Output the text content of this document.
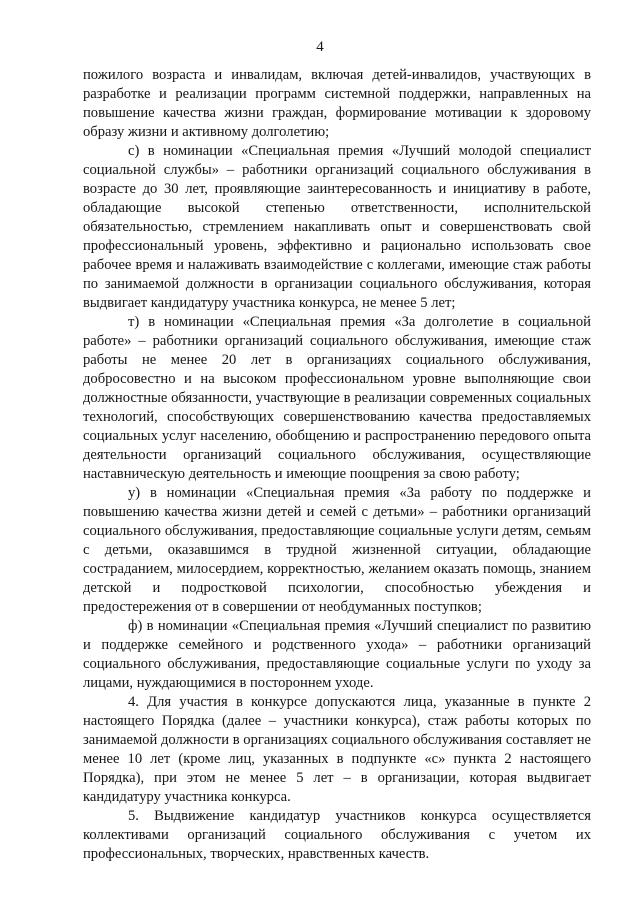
4

пожилого возраста и инвалидам, включая детей-инвалидов, участвующих в разработке и реализации программ системной поддержки, направленных на повышение качества жизни граждан, формирование мотивации к здоровому образу жизни и активному долголетию;

с) в номинации «Специальная премия «Лучший молодой специалист социальной службы» – работники организаций социального обслуживания в возрасте до 30 лет, проявляющие заинтересованность и инициативу в работе, обладающие высокой степенью ответственности, исполнительской обязательностью, стремлением накапливать опыт и совершенствовать свой профессиональный уровень, эффективно и рационально использовать свое рабочее время и налаживать взаимодействие с коллегами, имеющие стаж работы по занимаемой должности в организации социального обслуживания, которая выдвигает кандидатуру участника конкурса, не менее 5 лет;

т) в номинации «Специальная премия «За долголетие в социальной работе» – работники организаций социального обслуживания, имеющие стаж работы не менее 20 лет в организациях социального обслуживания, добросовестно и на высоком профессиональном уровне выполняющие свои должностные обязанности, участвующие в реализации современных социальных технологий, способствующих совершенствованию качества предоставляемых социальных услуг населению, обобщению и распространению передового опыта деятельности организаций социального обслуживания, осуществляющие наставническую деятельность и имеющие поощрения за свою работу;

у) в номинации «Специальная премия «За работу по поддержке и повышению качества жизни детей и семей с детьми» – работники организаций социального обслуживания, предоставляющие социальные услуги детям, семьям с детьми, оказавшимся в трудной жизненной ситуации, обладающие состраданием, милосердием, корректностью, желанием оказать помощь, знанием детской и подростковой психологии, способностью убеждения и предостережения от в совершении от необдуманных поступков;

ф) в номинации «Специальная премия «Лучший специалист по развитию и поддержке семейного и родственного ухода» – работники организаций социального обслуживания, предоставляющие социальные услуги по уходу за лицами, нуждающимися в постороннем уходе.

4. Для участия в конкурсе допускаются лица, указанные в пункте 2 настоящего Порядка (далее – участники конкурса), стаж работы которых по занимаемой должности в организациях социального обслуживания составляет не менее 10 лет (кроме лиц, указанных в подпункте «с» пункта 2 настоящего Порядка), при этом не менее 5 лет – в организации, которая выдвигает кандидатуру участника конкурса.

5. Выдвижение кандидатур участников конкурса осуществляется коллективами организаций социального обслуживания с учетом их профессиональных, творческих, нравственных качеств.
